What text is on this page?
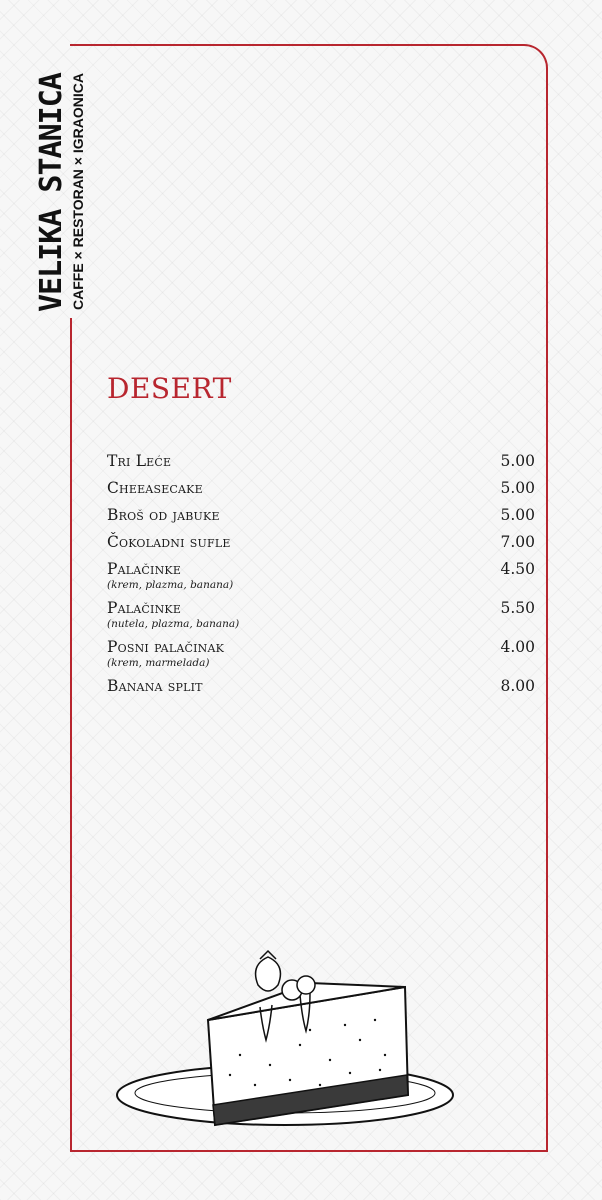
VELIKA STANICA CAFFE × RESTORAN × IGRAONICA
DESERT
Tri Leće	5.00
Cheeasecake	5.00
Broš od jabuke	5.00
Čokoladni sufle	7.00
Palačinke	4.50
(krem, plazma, banana)
Palačinke	5.50
(nutela, plazma, banana)
Posni palačinak	4.00
(krem, marmelada)
Banana split	8.00
